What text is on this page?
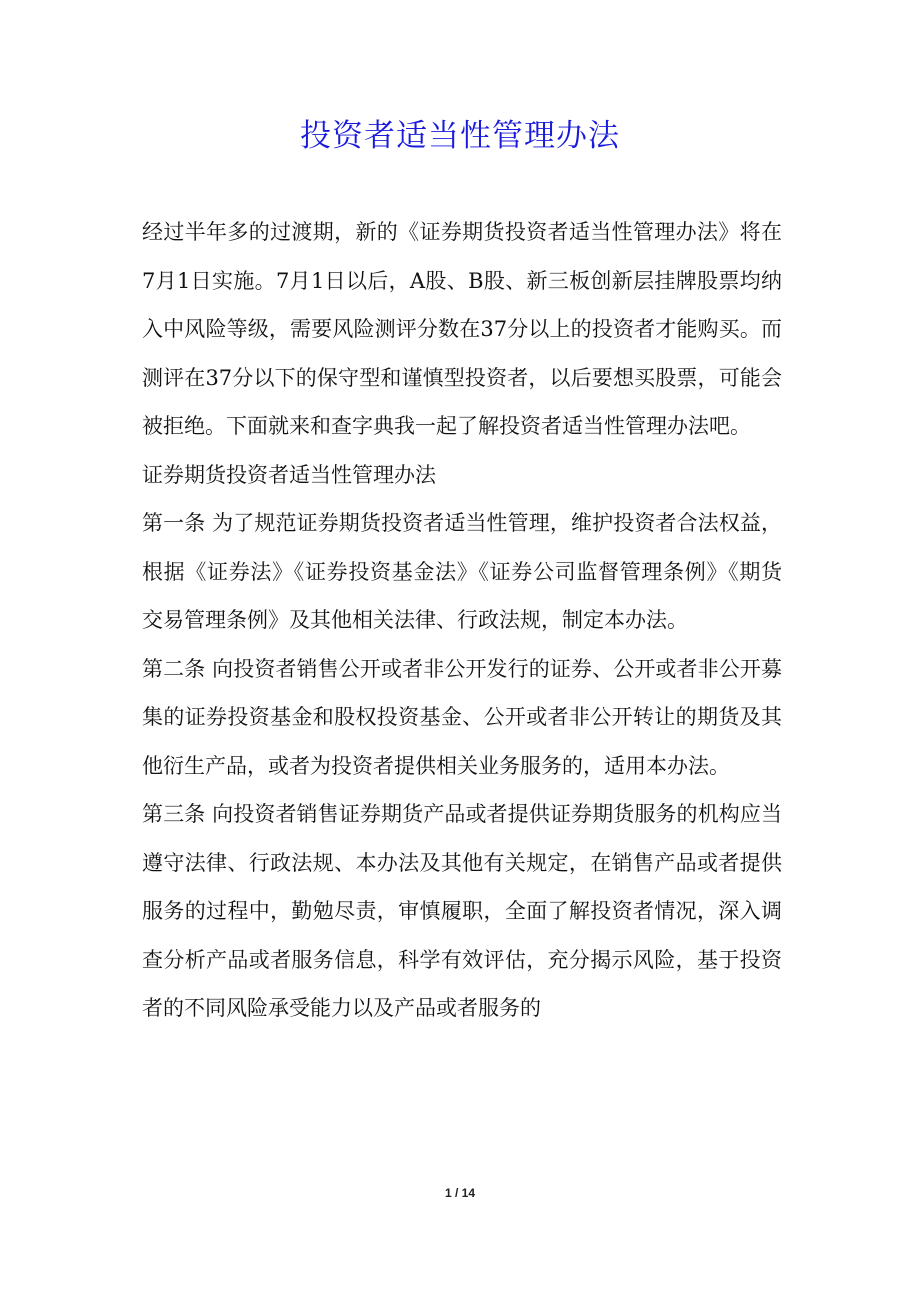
投资者适当性管理办法

经过半年多的过渡期，新的《证券期货投资者适当性管理办法》将在7月1日实施。7月1日以后，A股、B股、新三板创新层挂牌股票均纳入中风险等级，需要风险测评分数在37分以上的投资者才能购买。而测评在37分以下的保守型和谨慎型投资者，以后要想买股票，可能会被拒绝。下面就来和查字典我一起了解投资者适当性管理办法吧。

证券期货投资者适当性管理办法

第一条 为了规范证券期货投资者适当性管理，维护投资者合法权益，根据《证券法》《证券投资基金法》《证券公司监督管理条例》《期货交易管理条例》及其他相关法律、行政法规，制定本办法。

第二条 向投资者销售公开或者非公开发行的证券、公开或者非公开募集的证券投资基金和股权投资基金、公开或者非公开转让的期货及其他衍生产品，或者为投资者提供相关业务服务的，适用本办法。

第三条 向投资者销售证券期货产品或者提供证券期货服务的机构应当遵守法律、行政法规、本办法及其他有关规定，在销售产品或者提供服务的过程中，勤勉尽责，审慎履职，全面了解投资者情况，深入调查分析产品或者服务信息，科学有效评估，充分揭示风险，基于投资者的不同风险承受能力以及产品或者服务的

1 / 14
